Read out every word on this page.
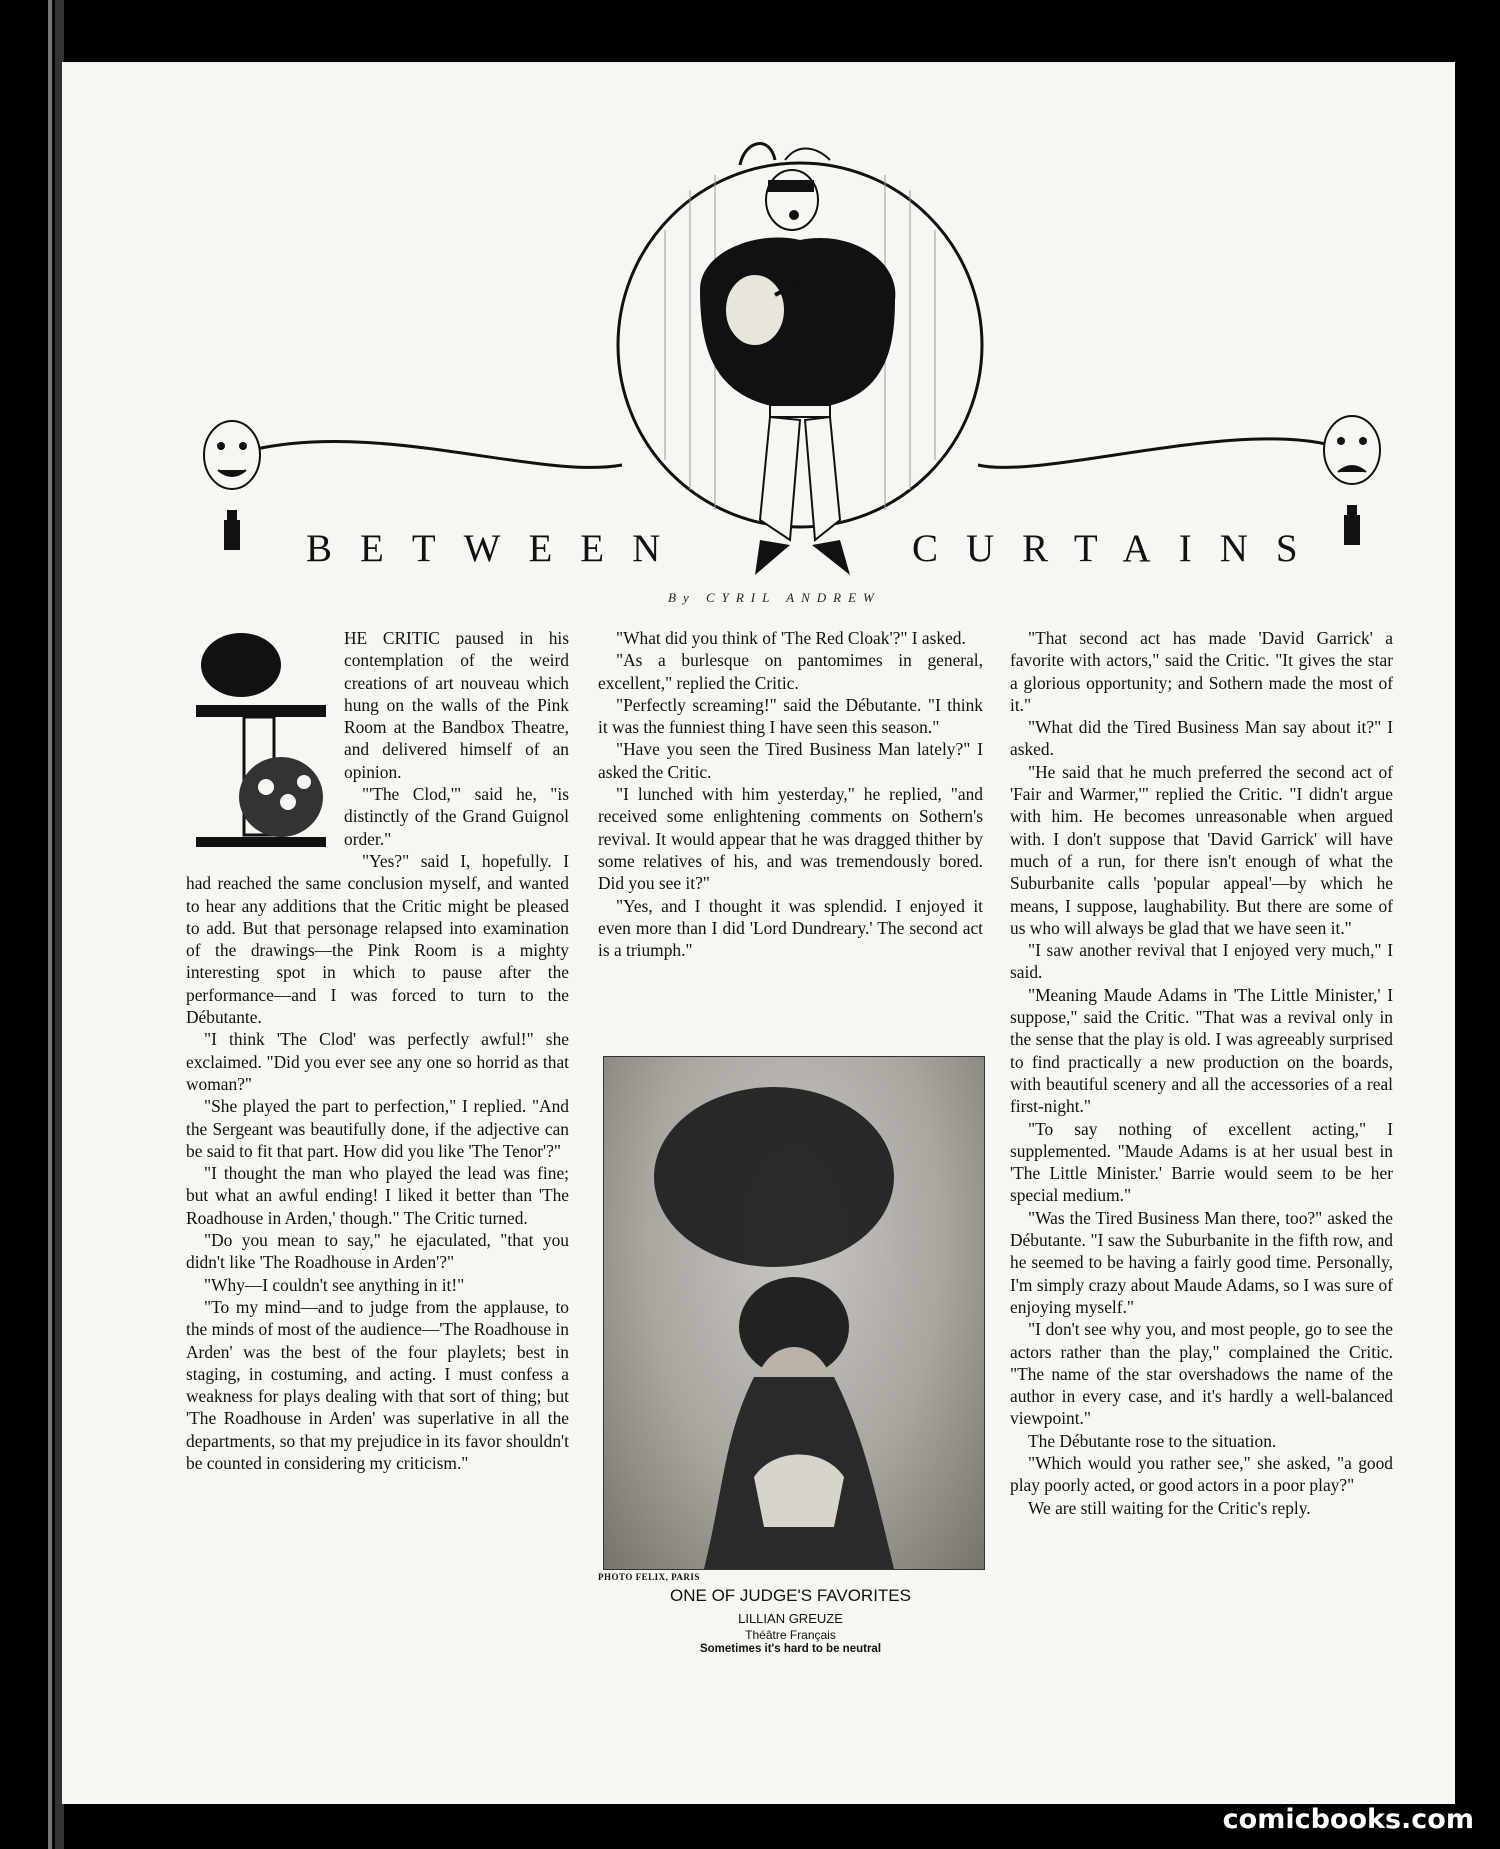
BETWEEN	CURTAINS
By CYRIL ANDREW

HE CRITIC paused in his contemplation of the weird creations of art nouveau which hung on the walls of the Pink Room at the Bandbox Theatre, and delivered himself of an opinion.

"'The Clod,'" said he, "is distinctly of the Grand Guignol order."

"Yes?" said I, hopefully. I had reached the same conclusion myself, and wanted to hear any additions that the Critic might be pleased to add. But that personage relapsed into examination of the drawings—the Pink Room is a mighty interesting spot in which to pause after the performance—and I was forced to turn to the Débutante.

"I think 'The Clod' was perfectly awful!" she exclaimed. "Did you ever see any one so horrid as that woman?"

"She played the part to perfection," I replied. "And the Sergeant was beautifully done, if the adjective can be said to fit that part. How did you like 'The Tenor'?"

"I thought the man who played the lead was fine; but what an awful ending! I liked it better than 'The Roadhouse in Arden,' though." The Critic turned.

"Do you mean to say," he ejaculated, "that you didn't like 'The Roadhouse in Arden'?"

"Why—I couldn't see anything in it!"

"To my mind—and to judge from the applause, to the minds of most of the audience—'The Roadhouse in Arden' was the best of the four playlets; best in staging, in costuming, and acting. I must confess a weakness for plays dealing with that sort of thing; but 'The Roadhouse in Arden' was superlative in all the departments, so that my prejudice in its favor shouldn't be counted in considering my criticism."

"What did you think of 'The Red Cloak'?" I asked.

"As a burlesque on pantomimes in general, excellent," replied the Critic.

"Perfectly screaming!" said the Débutante. "I think it was the funniest thing I have seen this season."

"Have you seen the Tired Business Man lately?" I asked the Critic.

"I lunched with him yesterday," he replied, "and received some enlightening comments on Sothern's revival. It would appear that he was dragged thither by some relatives of his, and was tremendously bored. Did you see it?"

"Yes, and I thought it was splendid. I enjoyed it even more than I did 'Lord Dundreary.' The second act is a triumph."

PHOTO FELIX, PARIS
ONE OF JUDGE'S FAVORITES
LILLIAN GREUZE
Théâtre Français
Sometimes it's hard to be neutral

"That second act has made 'David Garrick' a favorite with actors," said the Critic. "It gives the star a glorious opportunity; and Sothern made the most of it."

"What did the Tired Business Man say about it?" I asked.

"He said that he much preferred the second act of 'Fair and Warmer,'" replied the Critic. "I didn't argue with him. He becomes unreasonable when argued with. I don't suppose that 'David Garrick' will have much of a run, for there isn't enough of what the Suburbanite calls 'popular appeal'—by which he means, I suppose, laughability. But there are some of us who will always be glad that we have seen it."

"I saw another revival that I enjoyed very much," I said.

"Meaning Maude Adams in 'The Little Minister,' I suppose," said the Critic. "That was a revival only in the sense that the play is old. I was agreeably surprised to find practically a new production on the boards, with beautiful scenery and all the accessories of a real first-night."

"To say nothing of excellent acting," I supplemented. "Maude Adams is at her usual best in 'The Little Minister.' Barrie would seem to be her special medium."

"Was the Tired Business Man there, too?" asked the Débutante. "I saw the Suburbanite in the fifth row, and he seemed to be having a fairly good time. Personally, I'm simply crazy about Maude Adams, so I was sure of enjoying myself."

"I don't see why you, and most people, go to see the actors rather than the play," complained the Critic. "The name of the star overshadows the name of the author in every case, and it's hardly a well-balanced viewpoint."

The Débutante rose to the situation.

"Which would you rather see," she asked, "a good play poorly acted, or good actors in a poor play?"

We are still waiting for the Critic's reply.

comicbooks.com
